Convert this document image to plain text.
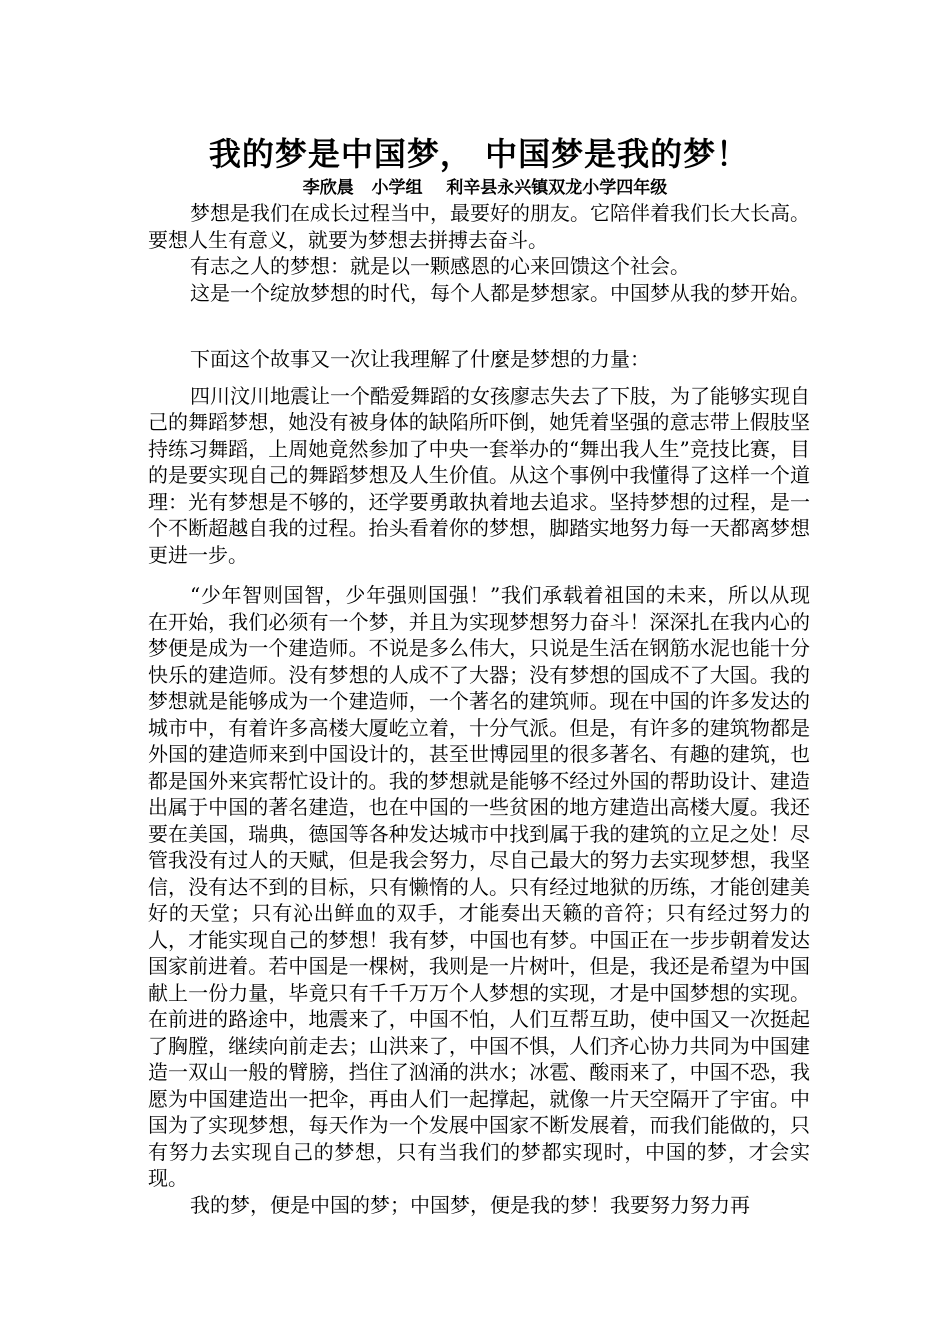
我的梦是中国梦， 中国梦是我的梦！

李欣晨   小学组    利辛县永兴镇双龙小学四年级

梦想是我们在成长过程当中，最要好的朋友。它陪伴着我们长大长高。要想人生有意义，就要为梦想去拼搏去奋斗。

有志之人的梦想：就是以一颗感恩的心来回馈这个社会。

这是一个绽放梦想的时代，每个人都是梦想家。中国梦从我的梦开始。

下面这个故事又一次让我理解了什麼是梦想的力量：

四川汶川地震让一个酷爱舞蹈的女孩廖志失去了下肢，为了能够实现自己的舞蹈梦想，她没有被身体的缺陷所吓倒，她凭着坚强的意志带上假肢坚持练习舞蹈，上周她竟然参加了中央一套举办的“舞出我人生”竞技比赛，目的是要实现自己的舞蹈梦想及人生价值。从这个事例中我懂得了这样一个道理：光有梦想是不够的，还学要勇敢执着地去追求。坚持梦想的过程，是一个不断超越自我的过程。抬头看着你的梦想，脚踏实地努力每一天都离梦想更进一步。

“少年智则国智，少年强则国强！”我们承载着祖国的未来，所以从现在开始，我们必须有一个梦，并且为实现梦想努力奋斗！深深扎在我内心的梦便是成为一个建造师。不说是多么伟大，只说是生活在钢筋水泥也能十分快乐的建造师。没有梦想的人成不了大器；没有梦想的国成不了大国。我的梦想就是能够成为一个建造师，一个著名的建筑师。现在中国的许多发达的城市中，有着许多高楼大厦屹立着，十分气派。但是，有许多的建筑物都是外国的建造师来到中国设计的，甚至世博园里的很多著名、有趣的建筑，也都是国外来宾帮忙设计的。我的梦想就是能够不经过外国的帮助设计、建造出属于中国的著名建造，也在中国的一些贫困的地方建造出高楼大厦。我还要在美国，瑞典，德国等各种发达城市中找到属于我的建筑的立足之处！尽管我没有过人的天赋，但是我会努力，尽自己最大的努力去实现梦想，我坚信，没有达不到的目标，只有懒惰的人。只有经过地狱的历练，才能创建美好的天堂；只有沁出鲜血的双手，才能奏出天籁的音符；只有经过努力的人，才能实现自己的梦想！我有梦，中国也有梦。中国正在一步步朝着发达国家前进着。若中国是一棵树，我则是一片树叶，但是，我还是希望为中国献上一份力量，毕竟只有千千万万个人梦想的实现，才是中国梦想的实现。在前进的路途中，地震来了，中国不怕，人们互帮互助，使中国又一次挺起了胸膛，继续向前走去；山洪来了，中国不惧，人们齐心协力共同为中国建造一双山一般的臂膀，挡住了汹涌的洪水；冰雹、酸雨来了，中国不恐，我愿为中国建造出一把伞，再由人们一起撑起，就像一片天空隔开了宇宙。中国为了实现梦想，每天作为一个发展中国家不断发展着，而我们能做的，只有努力去实现自己的梦想，只有当我们的梦都实现时，中国的梦，才会实现。

我的梦，便是中国的梦；中国梦，便是我的梦！我要努力努力再
